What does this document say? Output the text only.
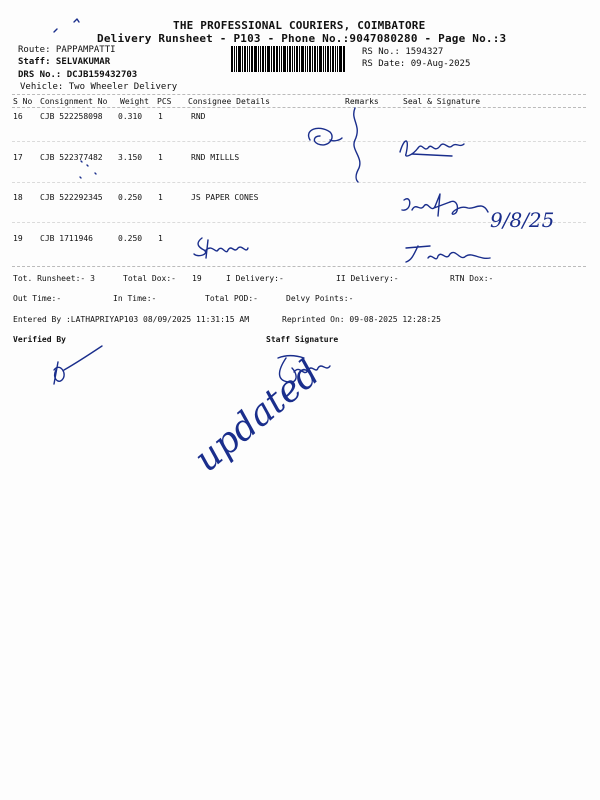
THE PROFESSIONAL COURIERS, COIMBATORE
Delivery Runsheet - P103 - Phone No.:9047080280 - Page No.:3
Route: PAPPAMPATTI
Staff: SELVAKUMAR
DRS No.: DCJB159432703
Vehicle: Two Wheeler Delivery
RS No.: 1594327
RS Date: 09-Aug-2025
S No Consignment No Weight PCS Consignee Details	Remarks	Seal & Signature
16 CJB 522258098 0.310 1	RND
17 CJB 522377482 3.150 1	RND MILLLS
18 CJB 522292345 0.250 1	JS PAPER CONES
19 CJB 1711946	0.250 1
Tot. Runsheet:- 3	Total Dox:- 19	I Delivery:-	II Delivery:-	RTN Dox:-
Out Time:-	In Time:-	Total POD:-	Delvy Points:-
Entered By :LATHAPRIYAP103 08/09/2025 11:31:15 AM	Reprinted On: 09-08-2025 12:28:25
Verified By	Staff Signature
9/8/25
updated
